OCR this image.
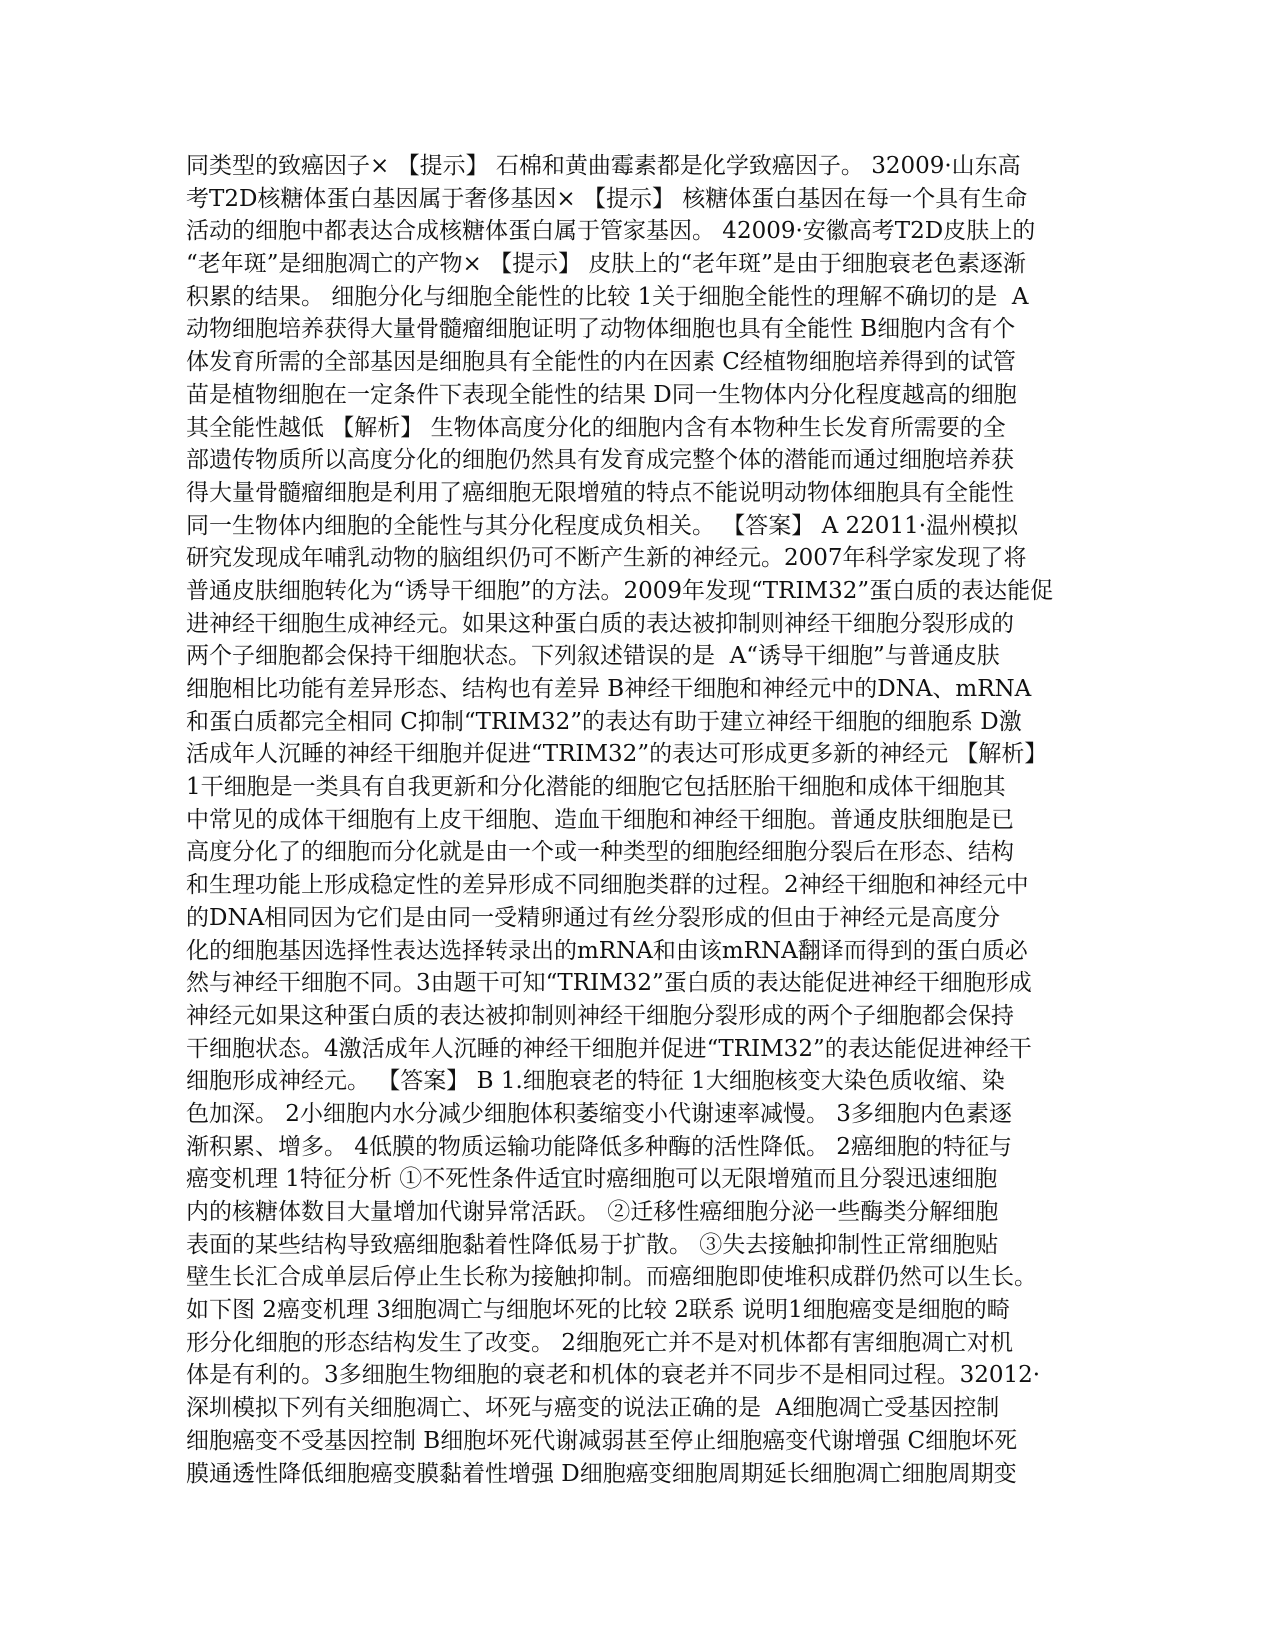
同类型的致癌因子× 【提示】 石棉和黄曲霉素都是化学致癌因子。 32009·山东高
考T2D核糖体蛋白基因属于奢侈基因× 【提示】 核糖体蛋白基因在每一个具有生命
活动的细胞中都表达合成核糖体蛋白属于管家基因。 42009·安徽高考T2D皮肤上的
“老年斑”是细胞凋亡的产物× 【提示】 皮肤上的“老年斑”是由于细胞衰老色素逐渐
积累的结果。 细胞分化与细胞全能性的比较 1关于细胞全能性的理解不确切的是  A
动物细胞培养获得大量骨髓瘤细胞证明了动物体细胞也具有全能性 B细胞内含有个
体发育所需的全部基因是细胞具有全能性的内在因素 C经植物细胞培养得到的试管
苗是植物细胞在一定条件下表现全能性的结果 D同一生物体内分化程度越高的细胞
其全能性越低 【解析】 生物体高度分化的细胞内含有本物种生长发育所需要的全
部遗传物质所以高度分化的细胞仍然具有发育成完整个体的潜能而通过细胞培养获
得大量骨髓瘤细胞是利用了癌细胞无限增殖的特点不能说明动物体细胞具有全能性
同一生物体内细胞的全能性与其分化程度成负相关。 【答案】 A 22011·温州模拟
研究发现成年哺乳动物的脑组织仍可不断产生新的神经元。2007年科学家发现了将
普通皮肤细胞转化为“诱导干细胞”的方法。2009年发现“TRIM32”蛋白质的表达能促
进神经干细胞生成神经元。如果这种蛋白质的表达被抑制则神经干细胞分裂形成的
两个子细胞都会保持干细胞状态。下列叙述错误的是  A“诱导干细胞”与普通皮肤
细胞相比功能有差异形态、结构也有差异 B神经干细胞和神经元中的DNA、mRNA
和蛋白质都完全相同 C抑制“TRIM32”的表达有助于建立神经干细胞的细胞系 D激
活成年人沉睡的神经干细胞并促进“TRIM32”的表达可形成更多新的神经元 【解析】
1干细胞是一类具有自我更新和分化潜能的细胞它包括胚胎干细胞和成体干细胞其
中常见的成体干细胞有上皮干细胞、造血干细胞和神经干细胞。普通皮肤细胞是已
高度分化了的细胞而分化就是由一个或一种类型的细胞经细胞分裂后在形态、结构
和生理功能上形成稳定性的差异形成不同细胞类群的过程。2神经干细胞和神经元中
的DNA相同因为它们是由同一受精卵通过有丝分裂形成的但由于神经元是高度分
化的细胞基因选择性表达选择转录出的mRNA和由该mRNA翻译而得到的蛋白质必
然与神经干细胞不同。3由题干可知“TRIM32”蛋白质的表达能促进神经干细胞形成
神经元如果这种蛋白质的表达被抑制则神经干细胞分裂形成的两个子细胞都会保持
干细胞状态。4激活成年人沉睡的神经干细胞并促进“TRIM32”的表达能促进神经干
细胞形成神经元。 【答案】 B 1.细胞衰老的特征 1大细胞核变大染色质收缩、染
色加深。 2小细胞内水分减少细胞体积萎缩变小代谢速率减慢。 3多细胞内色素逐
渐积累、增多。 4低膜的物质运输功能降低多种酶的活性降低。 2癌细胞的特征与
癌变机理 1特征分析 ①不死性条件适宜时癌细胞可以无限增殖而且分裂迅速细胞
内的核糖体数目大量增加代谢异常活跃。 ②迁移性癌细胞分泌一些酶类分解细胞
表面的某些结构导致癌细胞黏着性降低易于扩散。 ③失去接触抑制性正常细胞贴
壁生长汇合成单层后停止生长称为接触抑制。而癌细胞即使堆积成群仍然可以生长。
如下图 2癌变机理 3细胞凋亡与细胞坏死的比较 2联系 说明1细胞癌变是细胞的畸
形分化细胞的形态结构发生了改变。 2细胞死亡并不是对机体都有害细胞凋亡对机
体是有利的。3多细胞生物细胞的衰老和机体的衰老并不同步不是相同过程。32012·
深圳模拟下列有关细胞凋亡、坏死与癌变的说法正确的是  A细胞凋亡受基因控制
细胞癌变不受基因控制 B细胞坏死代谢减弱甚至停止细胞癌变代谢增强 C细胞坏死
膜通透性降低细胞癌变膜黏着性增强 D细胞癌变细胞周期延长细胞凋亡细胞周期变
